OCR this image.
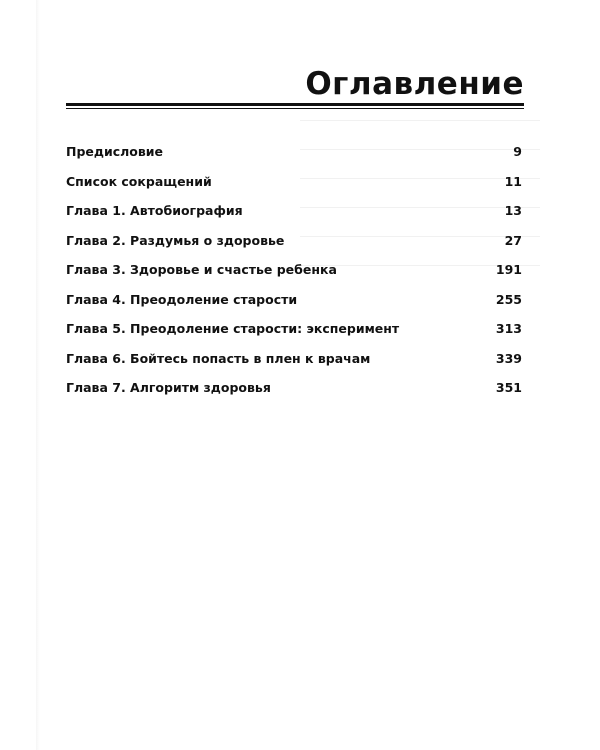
Оглавление
Предисловие	9
Список сокращений	11
Глава 1. Автобиография	13
Глава 2. Раздумья о здоровье	27
Глава 3. Здоровье и счастье ребенка	191
Глава 4. Преодоление старости	255
Глава 5. Преодоление старости: эксперимент	313
Глава 6. Бойтесь попасть в плен к врачам	339
Глава 7. Алгоритм здоровья	351
